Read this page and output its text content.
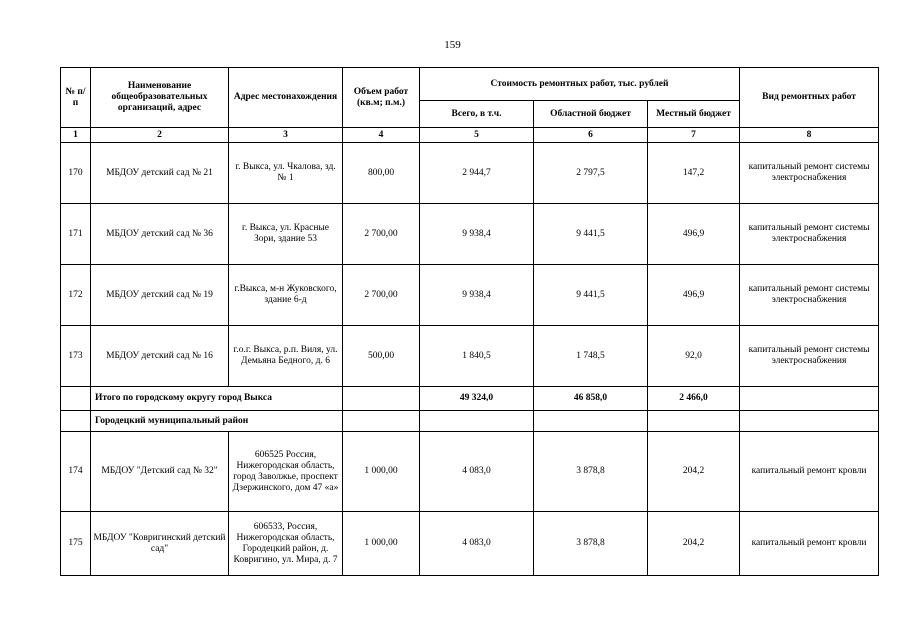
159
№ п/п	Наименование общеобразовательных организаций, адрес	Адрес местонахождения	Объем работ (кв.м; п.м.)	Стоимость ремонтных работ, тыс. рублей			Вид ремонтных работ
				Всего, в т.ч.	Областной бюджет	Местный бюджет	
1	2	3	4	5	6	7	8
170	МБДОУ детский сад № 21	г. Выкса, ул. Чкалова, зд. № 1	800,00	2 944,7	2 797,5	147,2	капитальный ремонт системы электроснабжения
171	МБДОУ детский сад № 36	г. Выкса, ул. Красные Зори, здание 53	2 700,00	9 938,4	9 441,5	496,9	капитальный ремонт системы электроснабжения
172	МБДОУ детский сад № 19	г.Выкса, м-н Жуковского, здание 6-д	2 700,00	9 938,4	9 441,5	496,9	капитальный ремонт системы электроснабжения
173	МБДОУ детский сад № 16	г.о.г. Выкса, р.п. Виля, ул. Демьяна Бедного, д. 6	500,00	1 840,5	1 748,5	92,0	капитальный ремонт системы электроснабжения
	Итого по городскому округу город Выкса			49 324,0	46 858,0	2 466,0	
	Городецкий муниципальный район						
174	МБДОУ "Детский сад № 32"	606525 Россия, Нижегородская область, город Заволжье, проспект Дзержинского, дом 47 «а»	1 000,00	4 083,0	3 878,8	204,2	капитальный ремонт кровли
175	МБДОУ "Ковригинский детский сад"	606533, Россия, Нижегородская область, Городецкий район, д. Ковригино, ул. Мира, д. 7	1 000,00	4 083,0	3 878,8	204,2	капитальный ремонт кровли
